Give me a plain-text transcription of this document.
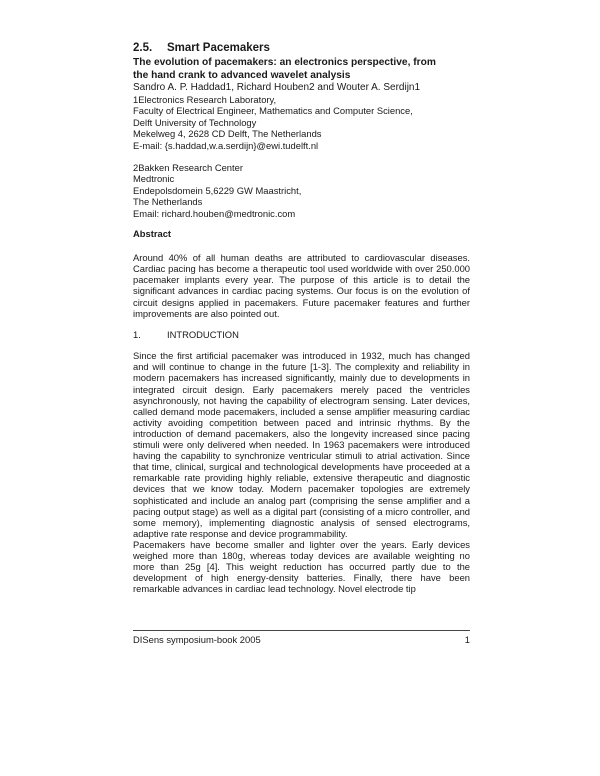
2.5. Smart Pacemakers

The evolution of pacemakers: an electronics perspective, from

the hand crank to advanced wavelet analysis

Sandro A. P. Haddad1, Richard Houben2 and Wouter A. Serdijn1

1Electronics Research Laboratory,

Faculty of Electrical Engineer, Mathematics and Computer Science,

Delft University of Technology

Mekelweg 4, 2628 CD Delft, The Netherlands

E-mail: {s.haddad,w.a.serdijn}@ewi.tudelft.nl

2Bakken Research Center

Medtronic

Endepolsdomein 5,6229 GW Maastricht,

The Netherlands

Email: richard.houben@medtronic.com

Abstract

Around 40% of all human deaths are attributed to cardiovascular diseases. Cardiac pacing has become a therapeutic tool used worldwide with over 250.000 pacemaker implants every year. The purpose of this article is to detail the significant advances in cardiac pacing systems. Our focus is on the evolution of circuit designs applied in pacemakers. Future pacemaker features and further improvements are also pointed out.

1.	INTRODUCTION

Since the first artificial pacemaker was introduced in 1932, much has changed and will continue to change in the future [1-3]. The complexity and reliability in modern pacemakers has increased significantly, mainly due to developments in integrated circuit design. Early pacemakers merely paced the ventricles asynchronously, not having the capability of electrogram sensing. Later devices, called demand mode pacemakers, included a sense amplifier measuring cardiac activity avoiding competition between paced and intrinsic rhythms. By the introduction of demand pacemakers, also the longevity increased since pacing stimuli were only delivered when needed. In 1963 pacemakers were introduced having the capability to synchronize ventricular stimuli to atrial activation. Since that time, clinical, surgical and technological developments have proceeded at a remarkable rate providing highly reliable, extensive therapeutic and diagnostic devices that we know today. Modern pacemaker topologies are extremely sophisticated and include an analog part (comprising the sense amplifier and a pacing output stage) as well as a digital part (consisting of a micro controller, and some memory), implementing diagnostic analysis of sensed electrograms, adaptive rate response and device programmability.

Pacemakers have become smaller and lighter over the years. Early devices weighed more than 180g, whereas today devices are available weighting no more than 25g [4]. This weight reduction has occurred partly due to the development of high energy-density batteries. Finally, there have been remarkable advances in cardiac lead technology. Novel electrode tip

DISens symposium-book 2005	1
